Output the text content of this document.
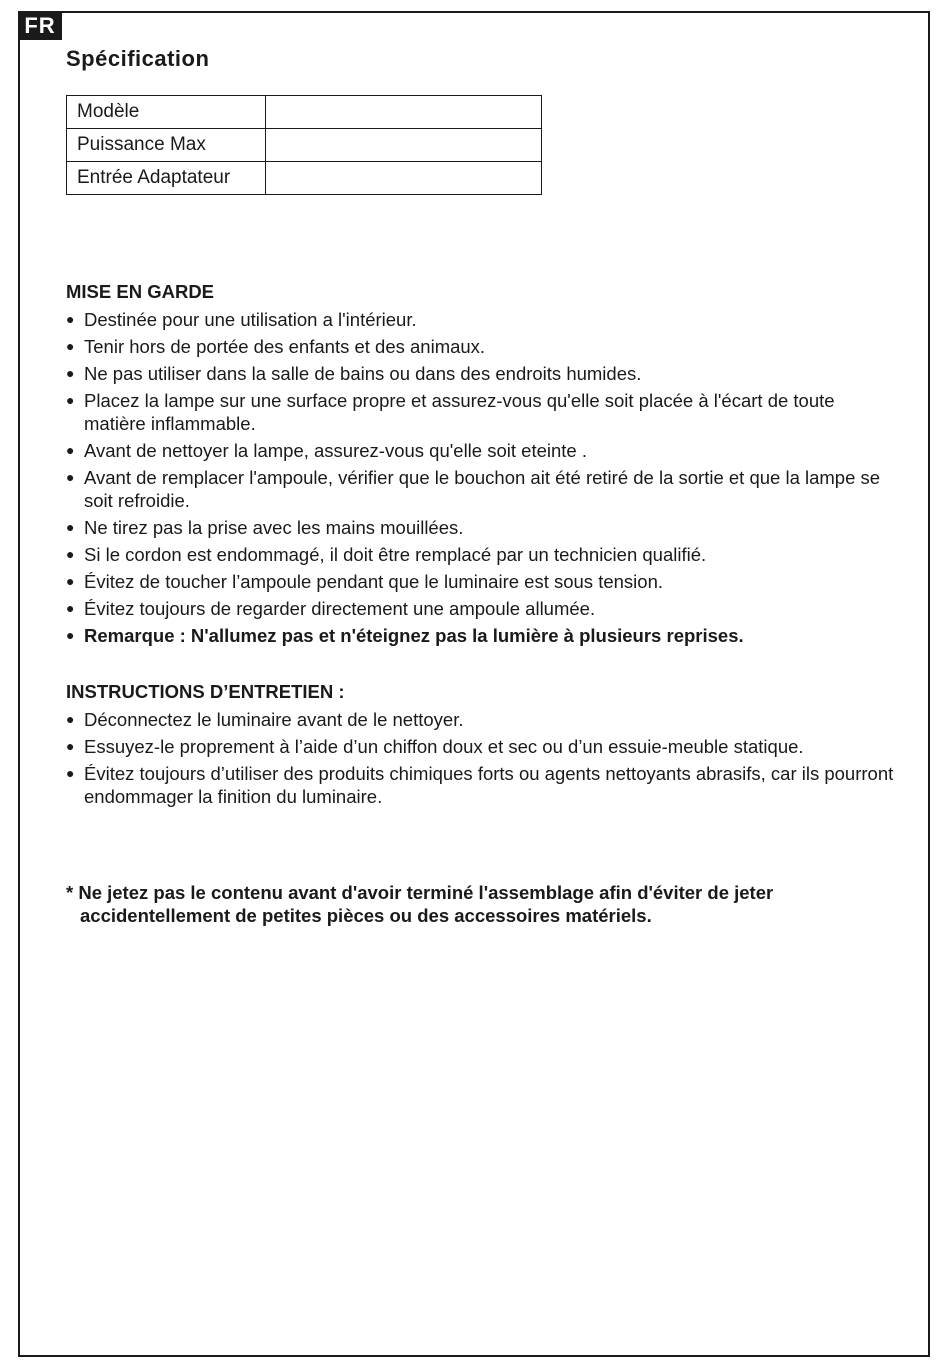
FR
Spécification
Modèle	
Puissance Max	
Entrée Adaptateur	
MISE EN GARDE
● Destinée pour une utilisation a l'intérieur.
● Tenir hors de portée des enfants et des animaux.
● Ne pas utiliser dans la salle de bains ou dans des endroits humides.
● Placez la lampe sur une surface propre et assurez-vous qu'elle soit placée à l'écart de toute matière inflammable.
● Avant de nettoyer la lampe, assurez-vous qu'elle soit eteinte .
● Avant de remplacer l'ampoule, vérifier que le bouchon ait été retiré de la sortie et que la lampe se soit refroidie.
● Ne tirez pas la prise avec les mains mouillées.
● Si le cordon est endommagé, il doit être remplacé par un technicien qualifié.
● Évitez de toucher l’ampoule pendant que le luminaire est sous tension.
● Évitez toujours de regarder directement une ampoule allumée.
● Remarque : N'allumez pas et n'éteignez pas la lumière à plusieurs reprises.
INSTRUCTIONS D’ENTRETIEN :
● Déconnectez le luminaire avant de le nettoyer.
● Essuyez-le proprement à l’aide d’un chiffon doux et sec ou d’un essuie-meuble statique.
● Évitez toujours d’utiliser des produits chimiques forts ou agents nettoyants abrasifs, car ils pourront endommager la finition du luminaire.
* Ne jetez pas le contenu avant d'avoir terminé l'assemblage afin d'éviter de jeter accidentellement de petites pièces ou des accessoires matériels.
